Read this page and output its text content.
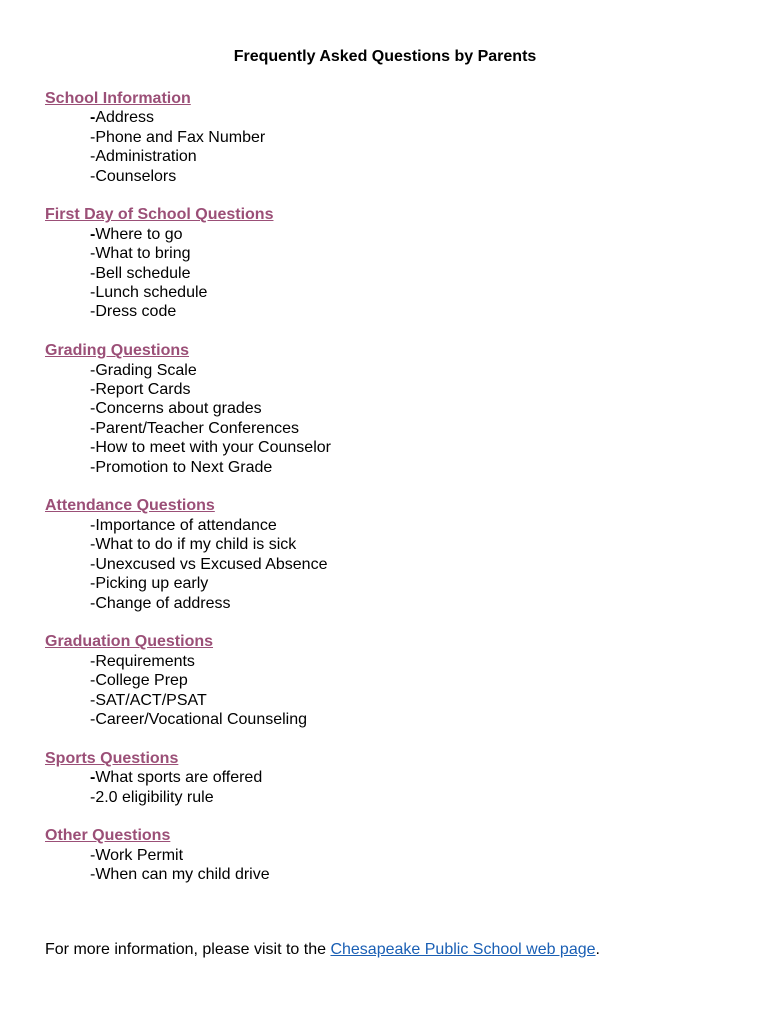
Frequently Asked Questions by Parents
School Information
-Address
-Phone and Fax Number
-Administration
-Counselors
First Day of School Questions
-Where to go
-What to bring
-Bell schedule
-Lunch schedule
-Dress code
Grading Questions
-Grading Scale
-Report Cards
-Concerns about grades
-Parent/Teacher Conferences
-How to meet with your Counselor
-Promotion to Next Grade
Attendance Questions
-Importance of attendance
-What to do if my child is sick
-Unexcused vs Excused Absence
-Picking up early
-Change of address
Graduation Questions
-Requirements
-College Prep
-SAT/ACT/PSAT
-Career/Vocational Counseling
Sports Questions
-What sports are offered
-2.0 eligibility rule
Other Questions
-Work Permit
-When can my child drive
For more information, please visit to the Chesapeake Public School web page.
